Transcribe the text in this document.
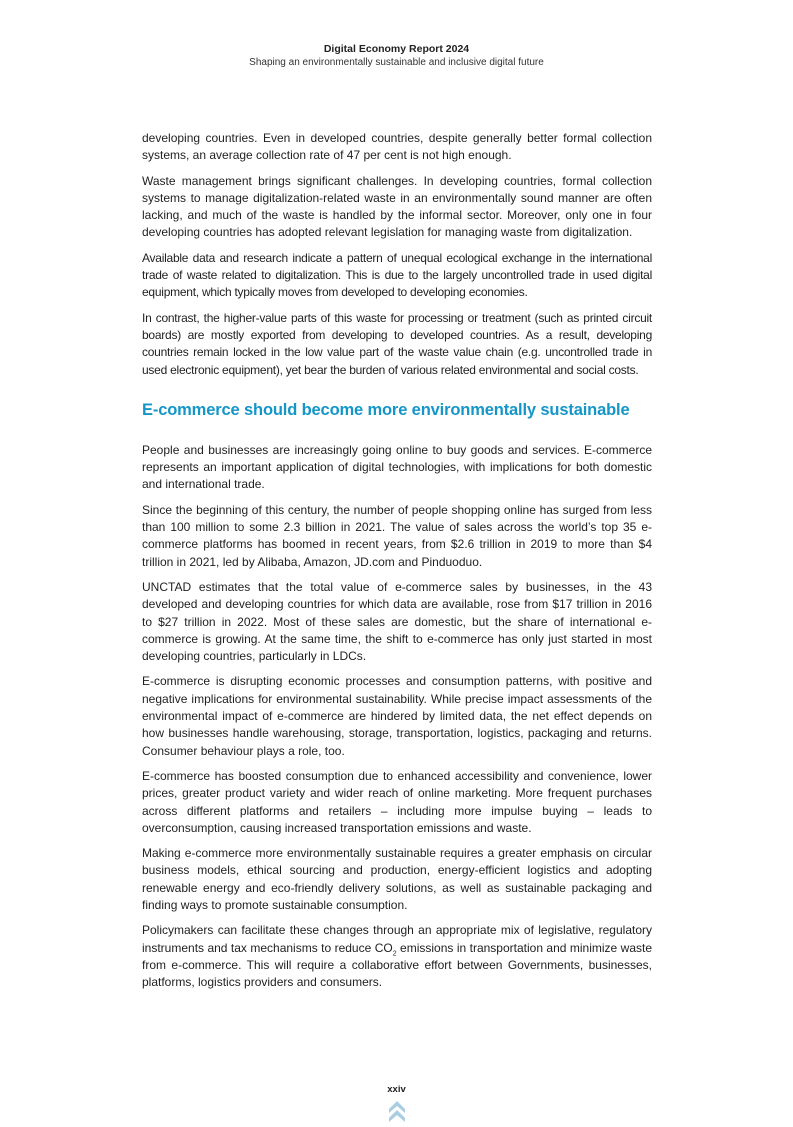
Digital Economy Report 2024
Shaping an environmentally sustainable and inclusive digital future

developing countries. Even in developed countries, despite generally better formal collection systems, an average collection rate of 47 per cent is not high enough.

Waste management brings significant challenges. In developing countries, formal collection systems to manage digitalization-related waste in an environmentally sound manner are often lacking, and much of the waste is handled by the informal sector. Moreover, only one in four developing countries has adopted relevant legislation for managing waste from digitalization.

Available data and research indicate a pattern of unequal ecological exchange in the international trade of waste related to digitalization. This is due to the largely uncontrolled trade in used digital equipment, which typically moves from developed to developing economies.

In contrast, the higher-value parts of this waste for processing or treatment (such as printed circuit boards) are mostly exported from developing to developed countries. As a result, developing countries remain locked in the low value part of the waste value chain (e.g. uncontrolled trade in used electronic equipment), yet bear the burden of various related environmental and social costs.

E-commerce should become more environmentally sustainable

People and businesses are increasingly going online to buy goods and services. E-commerce represents an important application of digital technologies, with implications for both domestic and international trade.

Since the beginning of this century, the number of people shopping online has surged from less than 100 million to some 2.3 billion in 2021. The value of sales across the world’s top 35 e-commerce platforms has boomed in recent years, from $2.6 trillion in 2019 to more than $4 trillion in 2021, led by Alibaba, Amazon, JD.com and Pinduoduo.

UNCTAD estimates that the total value of e-commerce sales by businesses, in the 43 developed and developing countries for which data are available, rose from $17 trillion in 2016 to $27 trillion in 2022. Most of these sales are domestic, but the share of international e-commerce is growing. At the same time, the shift to e-commerce has only just started in most developing countries, particularly in LDCs.

E-commerce is disrupting economic processes and consumption patterns, with positive and negative implications for environmental sustainability. While precise impact assessments of the environmental impact of e-commerce are hindered by limited data, the net effect depends on how businesses handle warehousing, storage, transportation, logistics, packaging and returns. Consumer behaviour plays a role, too.

E-commerce has boosted consumption due to enhanced accessibility and convenience, lower prices, greater product variety and wider reach of online marketing. More frequent purchases across different platforms and retailers – including more impulse buying – leads to overconsumption, causing increased transportation emissions and waste.

Making e-commerce more environmentally sustainable requires a greater emphasis on circular business models, ethical sourcing and production, energy-efficient logistics and adopting renewable energy and eco-friendly delivery solutions, as well as sustainable packaging and finding ways to promote sustainable consumption.

Policymakers can facilitate these changes through an appropriate mix of legislative, regulatory instruments and tax mechanisms to reduce $CO_2$ emissions in transportation and minimize waste from e-commerce. This will require a collaborative effort between Governments, businesses, platforms, logistics providers and consumers.

xxiv
